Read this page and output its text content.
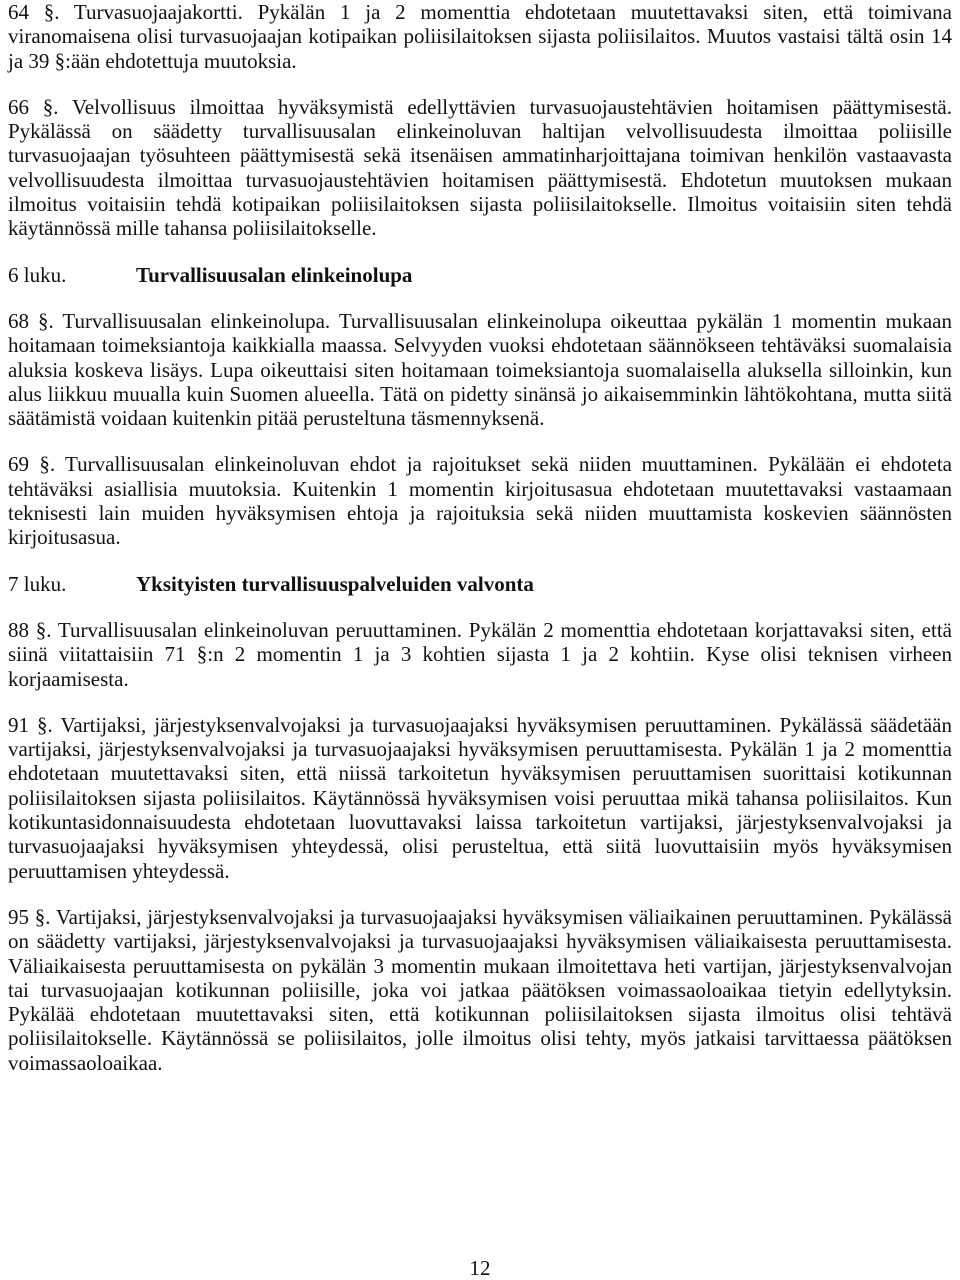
64 §. Turvasuojaajakortti. Pykälän 1 ja 2 momenttia ehdotetaan muutettavaksi siten, että toimivana viranomaisena olisi turvasuojaajan kotipaikan poliisilaitoksen sijasta poliisilaitos. Muutos vastaisi tältä osin 14 ja 39 §:ään ehdotettuja muutoksia.

66 §. Velvollisuus ilmoittaa hyväksymistä edellyttävien turvasuojaustehtävien hoitamisen päättymisestä. Pykälässä on säädetty turvallisuusalan elinkeinoluvan haltijan velvollisuudesta ilmoittaa poliisille turvasuojaajan työsuhteen päättymisestä sekä itsenäisen ammatinharjoittajana toimivan henkilön vastaavasta velvollisuudesta ilmoittaa turvasuojaustehtävien hoitamisen päättymisestä. Ehdotetun muutoksen mukaan ilmoitus voitaisiin tehdä kotipaikan poliisilaitoksen sijasta poliisilaitokselle. Ilmoitus voitaisiin siten tehdä käytännössä mille tahansa poliisilaitokselle.

6 luku.	Turvallisuusalan elinkeinolupa

68 §. Turvallisuusalan elinkeinolupa. Turvallisuusalan elinkeinolupa oikeuttaa pykälän 1 momentin mukaan hoitamaan toimeksiantoja kaikkialla maassa. Selvyyden vuoksi ehdotetaan säännökseen tehtäväksi suomalaisia aluksia koskeva lisäys. Lupa oikeuttaisi siten hoitamaan toimeksiantoja suomalaisella aluksella silloinkin, kun alus liikkuu muualla kuin Suomen alueella. Tätä on pidetty sinänsä jo aikaisemminkin lähtökohtana, mutta siitä säätämistä voidaan kuitenkin pitää perusteltuna täsmennyksenä.

69 §. Turvallisuusalan elinkeinoluvan ehdot ja rajoitukset sekä niiden muuttaminen. Pykälään ei ehdoteta tehtäväksi asiallisia muutoksia. Kuitenkin 1 momentin kirjoitusasua ehdotetaan muutettavaksi vastaamaan teknisesti lain muiden hyväksymisen ehtoja ja rajoituksia sekä niiden muuttamista koskevien säännösten kirjoitusasua.

7 luku.	Yksityisten turvallisuuspalveluiden valvonta

88 §. Turvallisuusalan elinkeinoluvan peruuttaminen. Pykälän 2 momenttia ehdotetaan korjattavaksi siten, että siinä viitattaisiin 71 §:n 2 momentin 1 ja 3 kohtien sijasta 1 ja 2 kohtiin. Kyse olisi teknisen virheen korjaamisesta.

91 §. Vartijaksi, järjestyksenvalvojaksi ja turvasuojaajaksi hyväksymisen peruuttaminen. Pykälässä säädetään vartijaksi, järjestyksenvalvojaksi ja turvasuojaajaksi hyväksymisen peruuttamisesta. Pykälän 1 ja 2 momenttia ehdotetaan muutettavaksi siten, että niissä tarkoitetun hyväksymisen peruuttamisen suorittaisi kotikunnan poliisilaitoksen sijasta poliisilaitos. Käytännössä hyväksymisen voisi peruuttaa mikä tahansa poliisilaitos. Kun kotikuntasidonnaisuudesta ehdotetaan luovuttavaksi laissa tarkoitetun vartijaksi, järjestyksenvalvojaksi ja turvasuojaajaksi hyväksymisen yhteydessä, olisi perusteltua, että siitä luovuttaisiin myös hyväksymisen peruuttamisen yhteydessä.

95 §. Vartijaksi, järjestyksenvalvojaksi ja turvasuojaajaksi hyväksymisen väliaikainen peruuttaminen. Pykälässä on säädetty vartijaksi, järjestyksenvalvojaksi ja turvasuojaajaksi hyväksymisen väliaikaisesta peruuttamisesta. Väliaikaisesta peruuttamisesta on pykälän 3 momentin mukaan ilmoitettava heti vartijan, järjestyksenvalvojan tai turvasuojaajan kotikunnan poliisille, joka voi jatkaa päätöksen voimassaoloaikaa tietyin edellytyksin. Pykälää ehdotetaan muutettavaksi siten, että kotikunnan poliisilaitoksen sijasta ilmoitus olisi tehtävä poliisilaitokselle. Käytännössä se poliisilaitos, jolle ilmoitus olisi tehty, myös jatkaisi tarvittaessa päätöksen voimassaoloaikaa.

12
